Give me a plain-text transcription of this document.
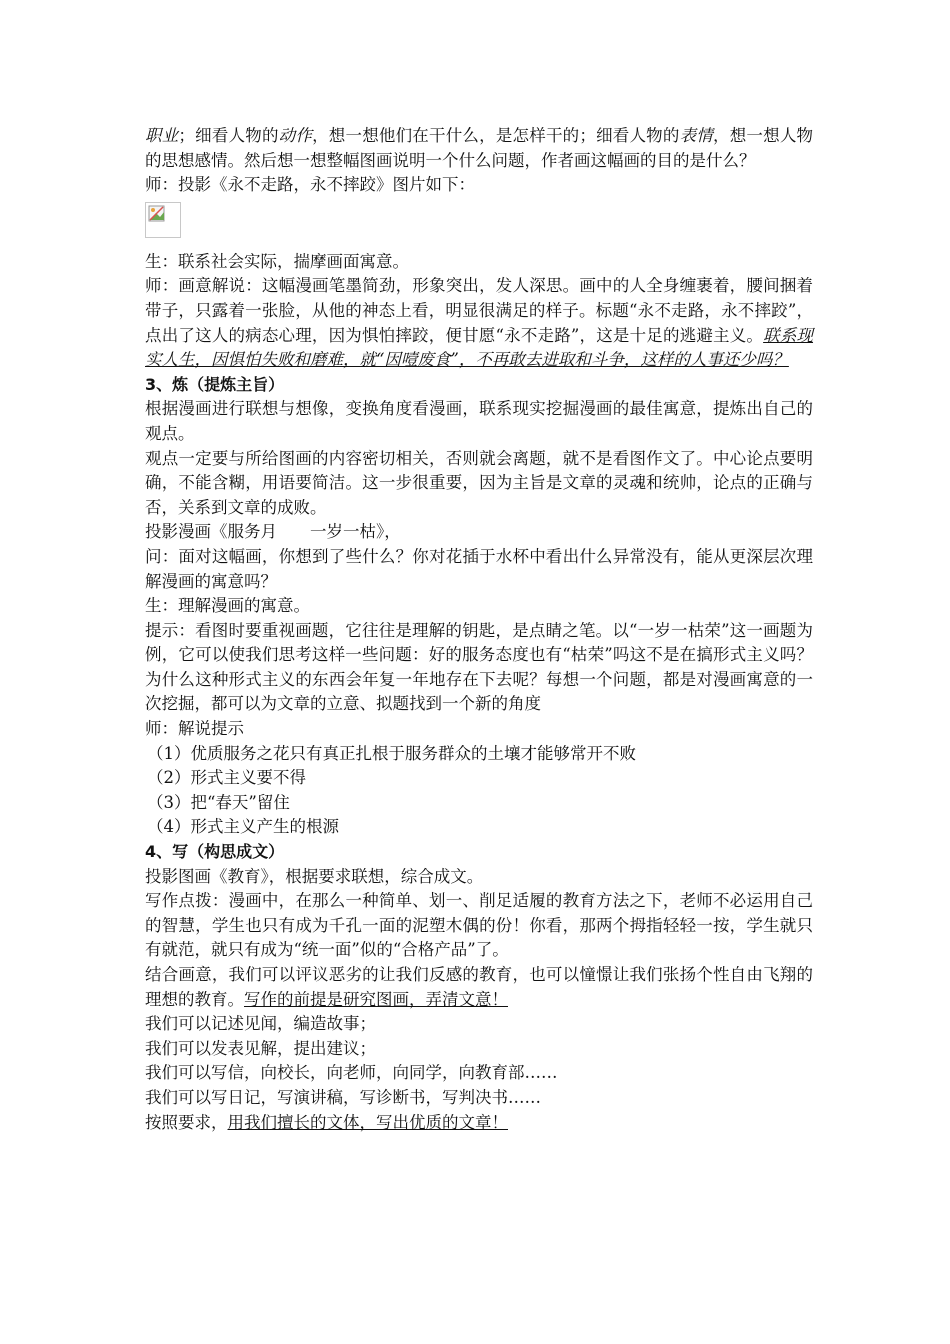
职业；细看人物的动作，想一想他们在干什么，是怎样干的；细看人物的表情，想一想人物的思想感情。然后想一想整幅图画说明一个什么问题，作者画这幅画的目的是什么？

师：投影《永不走路，永不摔跤》图片如下：

生：联系社会实际，揣摩画面寓意。

师：画意解说：这幅漫画笔墨简劲，形象突出，发人深思。画中的人全身缠裹着，腰间捆着带子，只露着一张脸，从他的神态上看，明显很满足的样子。标题“永不走路，永不摔跤”，点出了这人的病态心理，因为惧怕摔跤，便甘愿“永不走路”，这是十足的逃避主义。联系现实人生，因惧怕失败和磨难，就“因噎废食”，不再敢去进取和斗争，这样的人事还少吗？

3、炼（提炼主旨）

根据漫画进行联想与想像，变换角度看漫画，联系现实挖掘漫画的最佳寓意，提炼出自己的观点。

观点一定要与所给图画的内容密切相关，否则就会离题，就不是看图作文了。中心论点要明确，不能含糊，用语要简洁。这一步很重要，因为主旨是文章的灵魂和统帅，论点的正确与否，关系到文章的成败。

投影漫画《服务月　　一岁一枯》，

问：面对这幅画，你想到了些什么？你对花插于水杯中看出什么异常没有，能从更深层次理解漫画的寓意吗？

生：理解漫画的寓意。

提示：看图时要重视画题，它往往是理解的钥匙，是点睛之笔。以“一岁一枯荣”这一画题为例，它可以使我们思考这样一些问题：好的服务态度也有“枯荣”吗这不是在搞形式主义吗？为什么这种形式主义的东西会年复一年地存在下去呢？每想一个问题，都是对漫画寓意的一次挖掘，都可以为文章的立意、拟题找到一个新的角度

师：解说提示

（1）优质服务之花只有真正扎根于服务群众的土壤才能够常开不败

（2）形式主义要不得

（3）把“春天”留住

（4）形式主义产生的根源

4、写（构思成文）

投影图画《教育》，根据要求联想，综合成文。

写作点拨：漫画中，在那么一种简单、划一、削足适履的教育方法之下，老师不必运用自己的智慧，学生也只有成为千孔一面的泥塑木偶的份！你看，那两个拇指轻轻一按，学生就只有就范，就只有成为“统一面”似的“合格产品”了。

结合画意，我们可以评议恶劣的让我们反感的教育，也可以憧憬让我们张扬个性自由飞翔的理想的教育。写作的前提是研究图画，弄清文意！

我们可以记述见闻，编造故事；

我们可以发表见解，提出建议；

我们可以写信，向校长，向老师，向同学，向教育部……

我们可以写日记，写演讲稿，写诊断书，写判决书……

按照要求，用我们擅长的文体，写出优质的文章！
